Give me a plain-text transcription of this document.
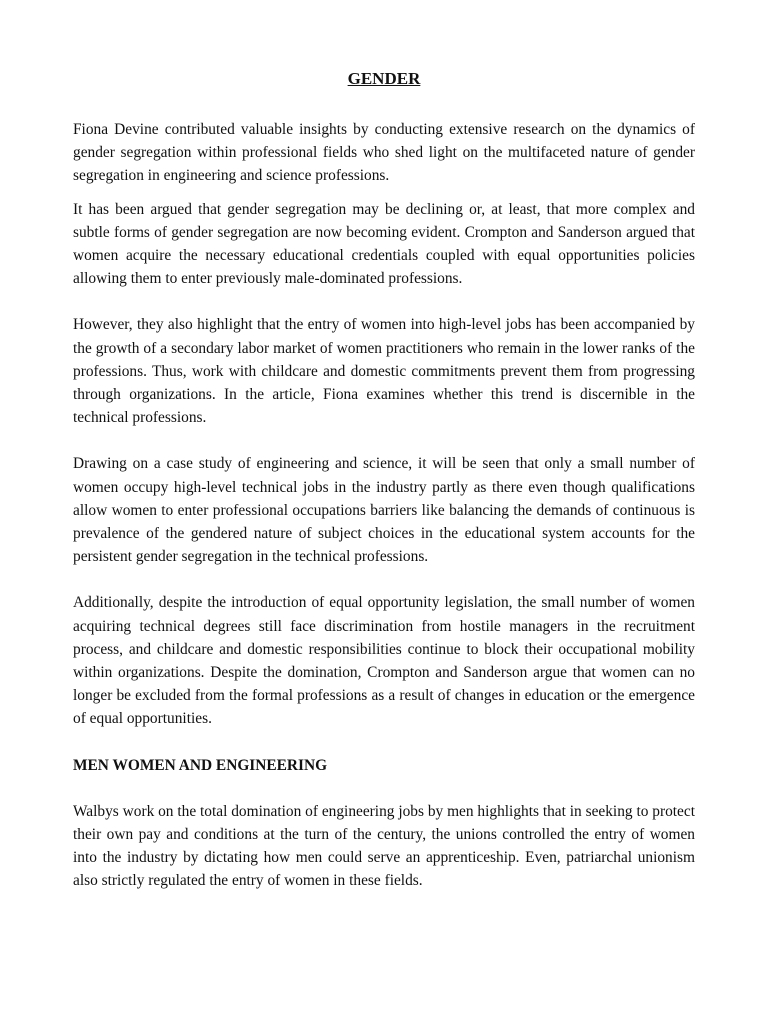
GENDER

Fiona Devine contributed valuable insights by conducting extensive research on the dynamics of gender segregation within professional fields who shed light on the multifaceted nature of gender segregation in engineering and science professions.

It has been argued that gender segregation may be declining or, at least, that more complex and subtle forms of gender segregation are now becoming evident. Crompton and Sanderson argued that women acquire the necessary educational credentials coupled with equal opportunities policies allowing them to enter previously male-dominated professions.

However, they also highlight that the entry of women into high-level jobs has been accompanied by the growth of a secondary labor market of women practitioners who remain in the lower ranks of the professions. Thus, work with childcare and domestic commitments prevent them from progressing through organizations. In the article, Fiona examines whether this trend is discernible in the technical professions.

Drawing on a case study of engineering and science, it will be seen that only a small number of women occupy high-level technical jobs in the industry partly as there even though qualifications allow women to enter professional occupations barriers like balancing the demands of continuous is prevalence of the gendered nature of subject choices in the educational system accounts for the persistent gender segregation in the technical professions.

Additionally, despite the introduction of equal opportunity legislation, the small number of women acquiring technical degrees still face discrimination from hostile managers in the recruitment process, and childcare and domestic responsibilities continue to block their occupational mobility within organizations. Despite the domination, Crompton and Sanderson argue that women can no longer be excluded from the formal professions as a result of changes in education or the emergence of equal opportunities.

MEN WOMEN AND ENGINEERING

Walbys work on the total domination of engineering jobs by men highlights that in seeking to protect their own pay and conditions at the turn of the century, the unions controlled the entry of women into the industry by dictating how men could serve an apprenticeship. Even, patriarchal unionism also strictly regulated the entry of women in these fields.
